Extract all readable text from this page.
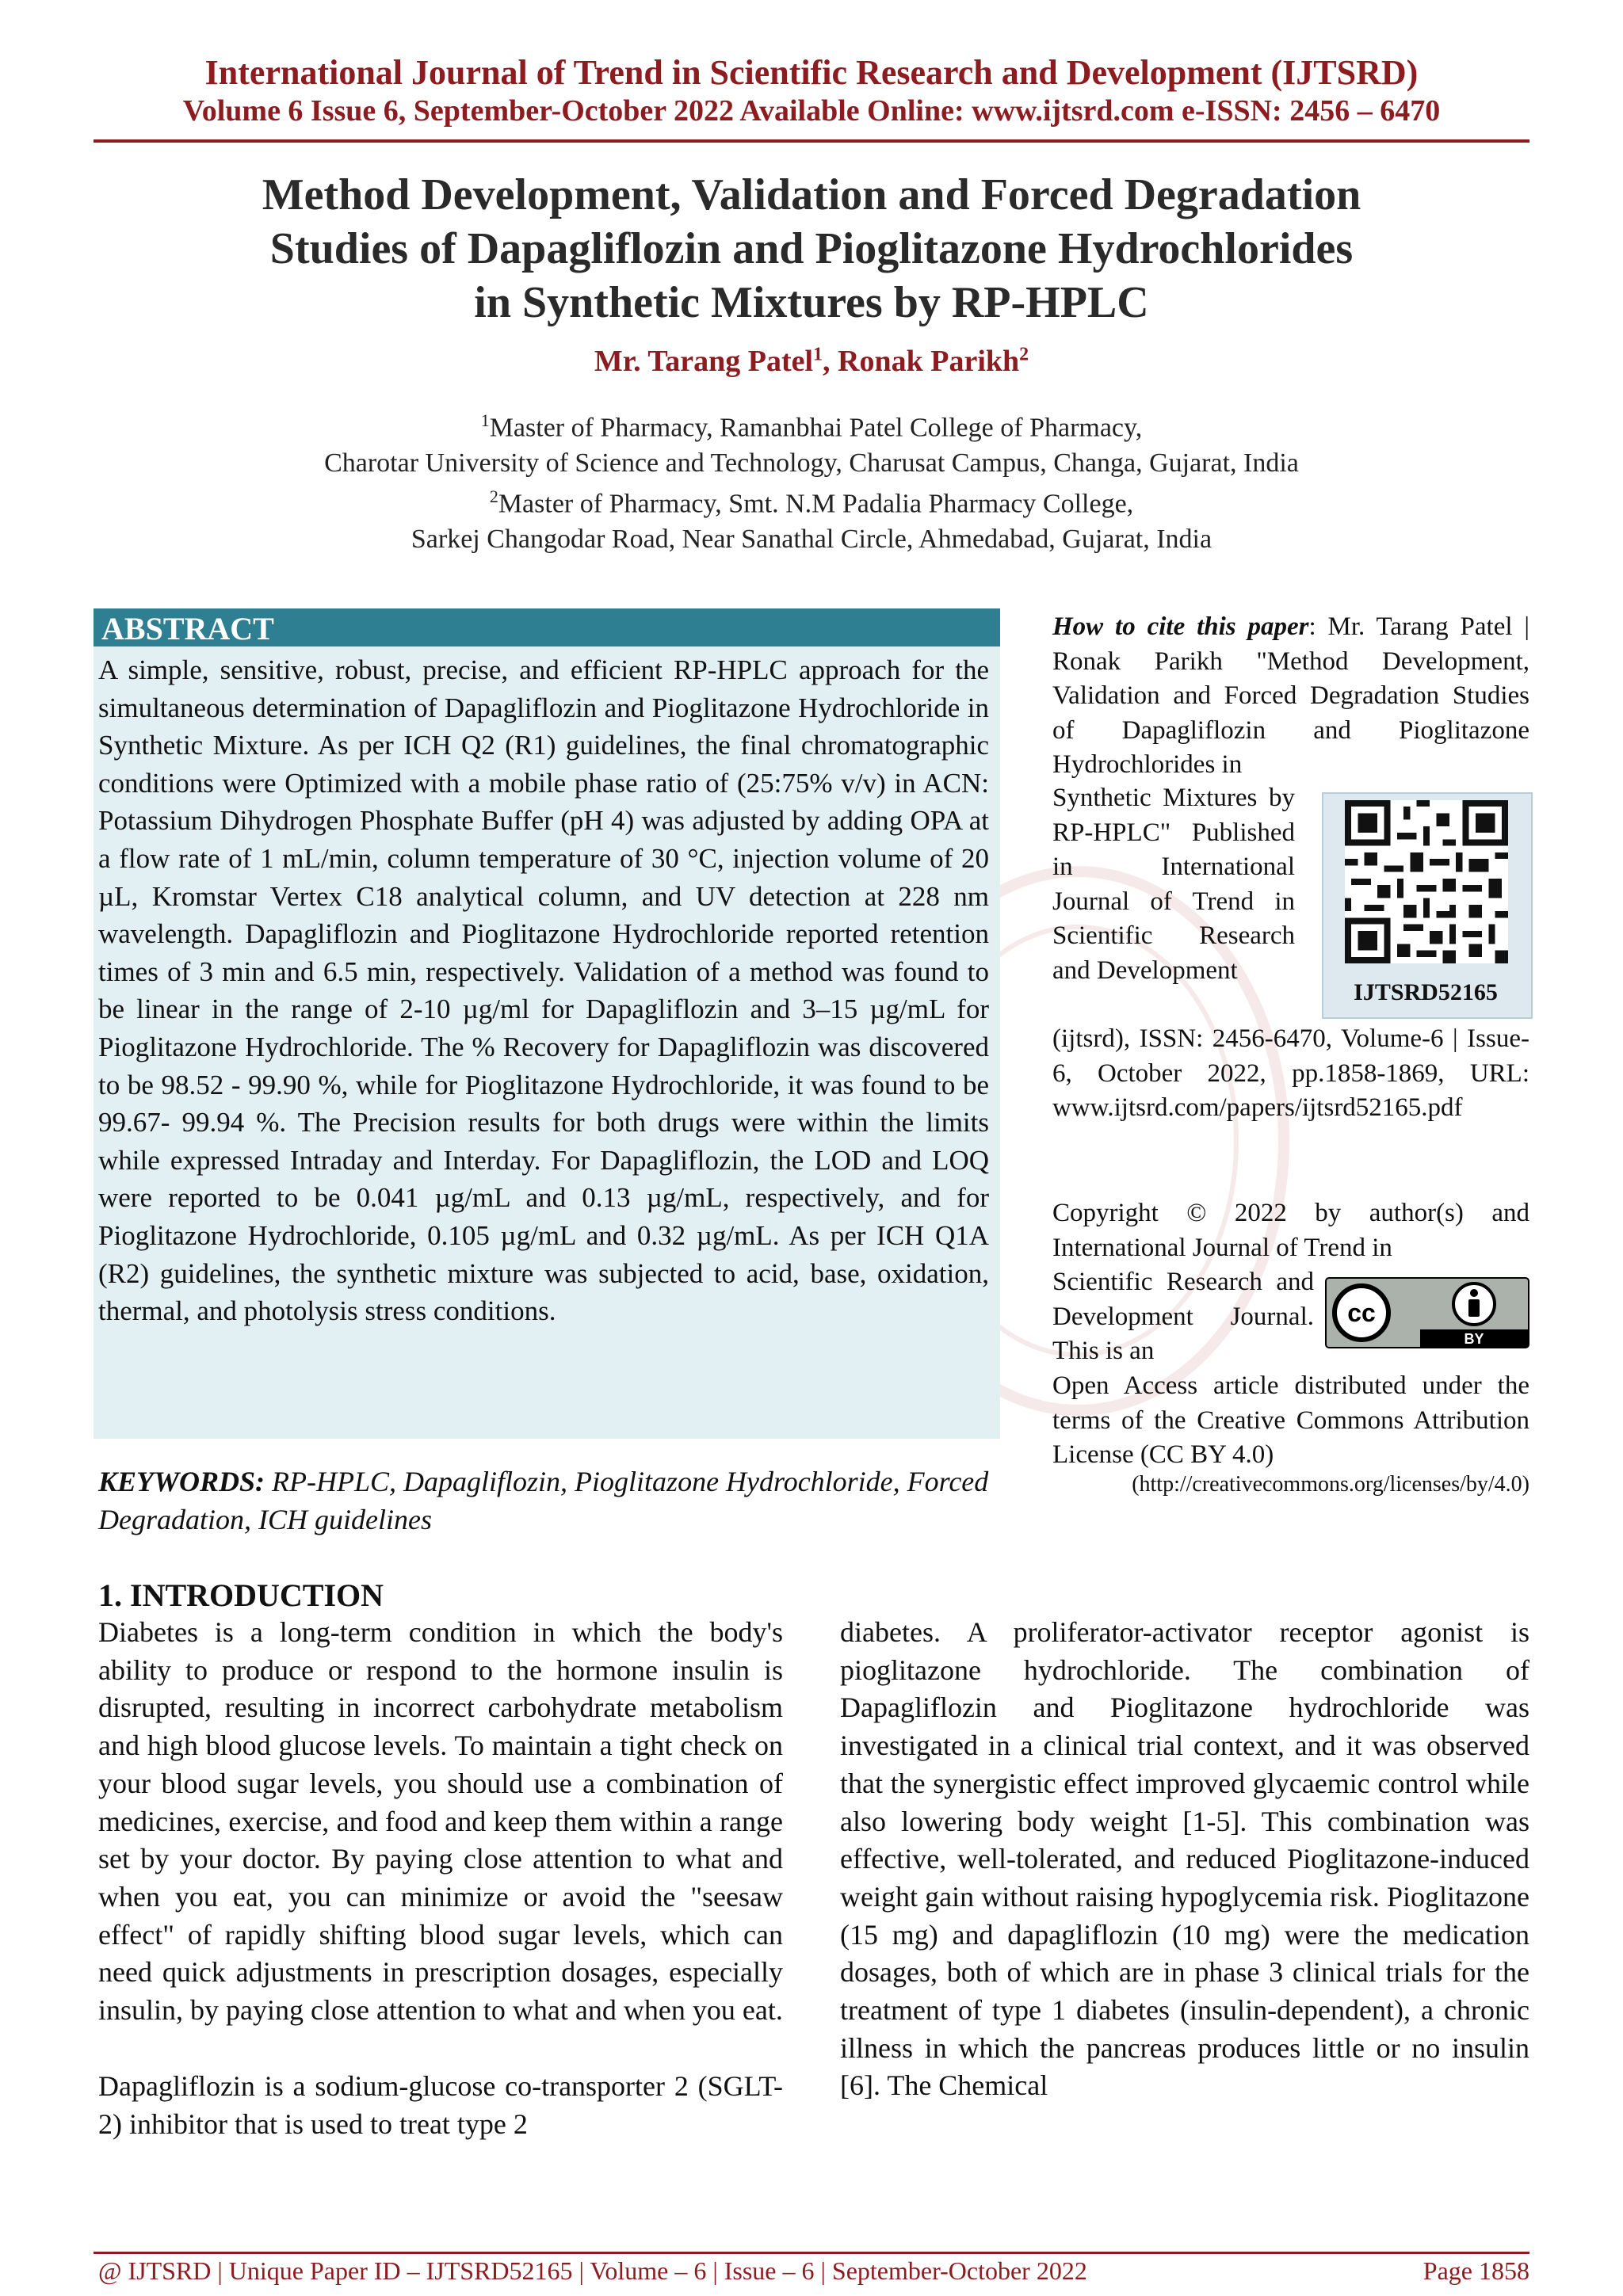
International Journal of Trend in Scientific Research and Development (IJTSRD)
Volume 6 Issue 6, September-October 2022 Available Online: www.ijtsrd.com e-ISSN: 2456 – 6470
Method Development, Validation and Forced Degradation
Studies of Dapagliflozin and Pioglitazone Hydrochlorides
in Synthetic Mixtures by RP-HPLC
Mr. Tarang Patel$^1$, Ronak Parikh$^2$
$^1$Master of Pharmacy, Ramanbhai Patel College of Pharmacy,
Charotar University of Science and Technology, Charusat Campus, Changa, Gujarat, India
$^2$Master of Pharmacy, Smt. N.M Padalia Pharmacy College,
Sarkej Changodar Road, Near Sanathal Circle, Ahmedabad, Gujarat, India
ABSTRACT
A simple, sensitive, robust, precise, and efficient RP-HPLC approach for the simultaneous determination of Dapagliflozin and Pioglitazone Hydrochloride in Synthetic Mixture. As per ICH Q2 (R1) guidelines, the final chromatographic conditions were Optimized with a mobile phase ratio of (25:75% v/v) in ACN: Potassium Dihydrogen Phosphate Buffer (pH 4) was adjusted by adding OPA at a flow rate of 1 mL/min, column temperature of 30 °C, injection volume of 20 µL, Kromstar Vertex C18 analytical column, and UV detection at 228 nm wavelength. Dapagliflozin and Pioglitazone Hydrochloride reported retention times of 3 min and 6.5 min, respectively. Validation of a method was found to be linear in the range of 2-10 µg/ml for Dapagliflozin and 3–15 µg/mL for Pioglitazone Hydrochloride. The % Recovery for Dapagliflozin was discovered to be 98.52 - 99.90 %, while for Pioglitazone Hydrochloride, it was found to be 99.67- 99.94 %. The Precision results for both drugs were within the limits while expressed Intraday and Interday. For Dapagliflozin, the LOD and LOQ were reported to be 0.041 µg/mL and 0.13 µg/mL, respectively, and for Pioglitazone Hydrochloride, 0.105 µg/mL and 0.32 µg/mL. As per ICH Q1A (R2) guidelines, the synthetic mixture was subjected to acid, base, oxidation, thermal, and photolysis stress conditions.
KEYWORDS: RP-HPLC, Dapagliflozin, Pioglitazone Hydrochloride, Forced Degradation, ICH guidelines
How to cite this paper: Mr. Tarang Patel | Ronak Parikh "Method Development, Validation and Forced Degradation Studies of Dapagliflozin and Pioglitazone Hydrochlorides in
Synthetic Mixtures by RP-HPLC" Published in International Journal of Trend in Scientific Research and Development
(ijtsrd), ISSN: 2456-6470, Volume-6 | Issue-6, October 2022, pp.1858-1869, URL: www.ijtsrd.com/papers/ijtsrd52165.pdf
IJTSRD52165
Copyright © 2022 by author(s) and International Journal of Trend in
Scientific Research and Development Journal. This is an
cc
BY
Open Access article distributed under the terms of the Creative Commons Attribution License (CC BY 4.0)
(http://creativecommons.org/licenses/by/4.0)
1. INTRODUCTION
Diabetes is a long-term condition in which the body's ability to produce or respond to the hormone insulin is disrupted, resulting in incorrect carbohydrate metabolism and high blood glucose levels. To maintain a tight check on your blood sugar levels, you should use a combination of medicines, exercise, and food and keep them within a range set by your doctor. By paying close attention to what and when you eat, you can minimize or avoid the "seesaw effect" of rapidly shifting blood sugar levels, which can need quick adjustments in prescription dosages, especially insulin, by paying close attention to what and when you eat.
Dapagliflozin is a sodium-glucose co-transporter 2 (SGLT-2) inhibitor that is used to treat type 2
diabetes. A proliferator-activator receptor agonist is pioglitazone hydrochloride. The combination of Dapagliflozin and Pioglitazone hydrochloride was investigated in a clinical trial context, and it was observed that the synergistic effect improved glycaemic control while also lowering body weight [1-5]. This combination was effective, well-tolerated, and reduced Pioglitazone-induced weight gain without raising hypoglycemia risk. Pioglitazone (15 mg) and dapagliflozin (10 mg) were the medication dosages, both of which are in phase 3 clinical trials for the treatment of type 1 diabetes (insulin-dependent), a chronic illness in which the pancreas produces little or no insulin [6]. The Chemical
@ IJTSRD | Unique Paper ID – IJTSRD52165 | Volume – 6 | Issue – 6 | September-October 2022	Page 1858
